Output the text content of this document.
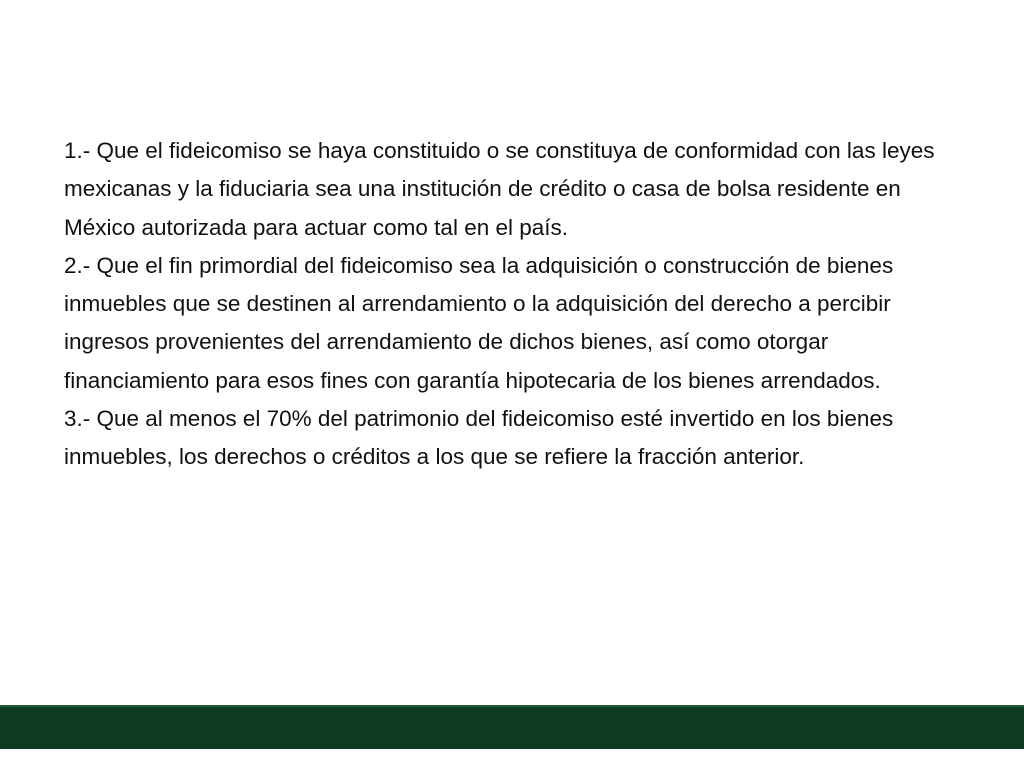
1.- Que el fideicomiso se haya constituido o se constituya de conformidad con las leyes mexicanas y la fiduciaria sea una institución de crédito o casa de bolsa residente en México autorizada para actuar como tal en el país.

2.- Que el fin primordial del fideicomiso sea la adquisición o construcción de bienes inmuebles que se destinen al arrendamiento o la adquisición del derecho a percibir ingresos provenientes del arrendamiento de dichos bienes, así como otorgar financiamiento para esos fines con garantía hipotecaria de los bienes arrendados.

3.- Que al menos el 70% del patrimonio del fideicomiso esté invertido en los bienes inmuebles, los derechos o créditos a los que se refiere la fracción anterior.
